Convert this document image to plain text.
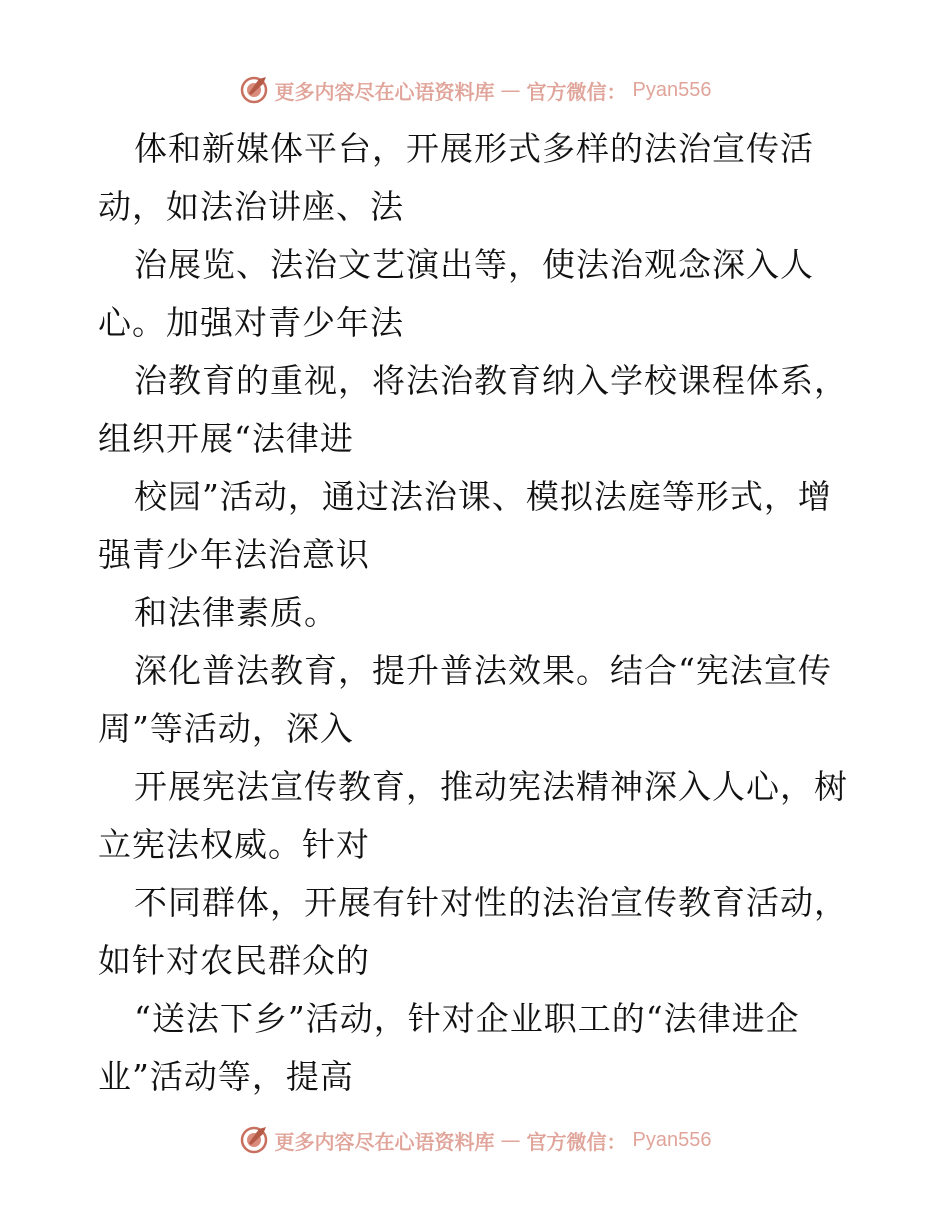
更多内容尽在心语资料库 — 官方微信： Pyan556
体和新媒体平台，开展形式多样的法治宣传活
动，如法治讲座、法
治展览、法治文艺演出等，使法治观念深入人
心。加强对青少年法
治教育的重视，将法治教育纳入学校课程体系，
组织开展“法律进
校园”活动，通过法治课、模拟法庭等形式，增
强青少年法治意识
和法律素质。
深化普法教育，提升普法效果。结合“宪法宣传
周”等活动，深入
开展宪法宣传教育，推动宪法精神深入人心，树
立宪法权威。针对
不同群体，开展有针对性的法治宣传教育活动，
如针对农民群众的
“送法下乡”活动，针对企业职工的“法律进企
业”活动等，提高
更多内容尽在心语资料库 — 官方微信： Pyan556
